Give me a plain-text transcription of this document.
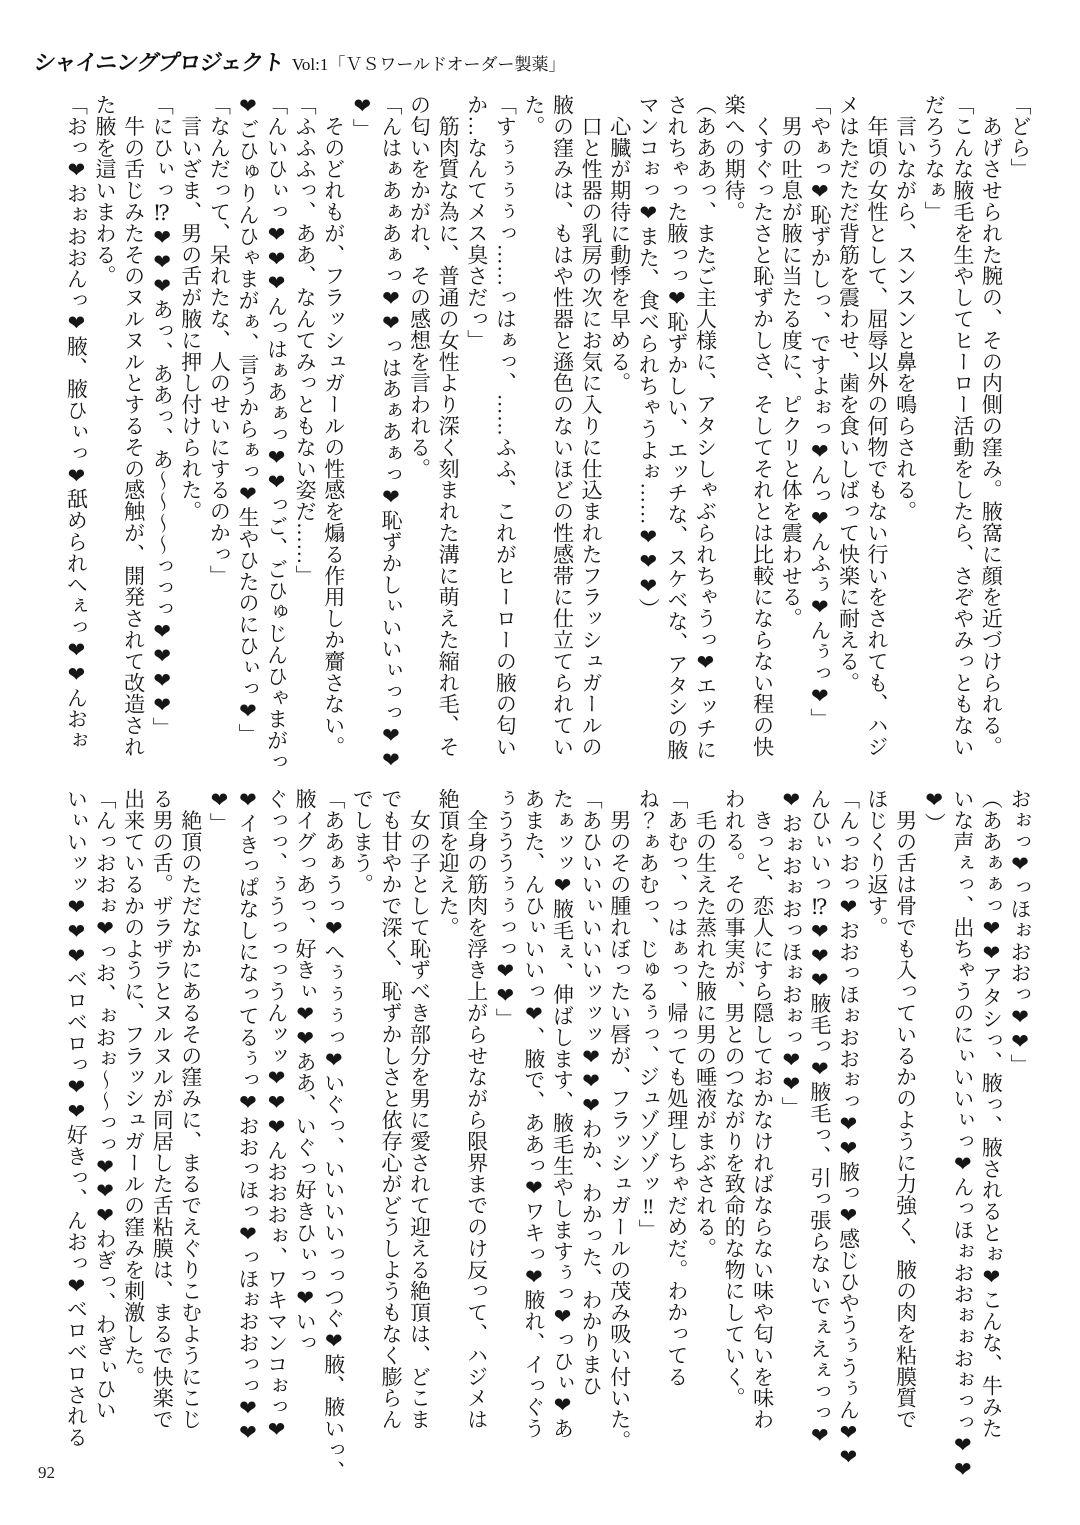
シャイニングプロジェクト Vol:1「ＶＳワールドオーダー製薬」

「どら」

　あげさせられた腕の、その内側の窪み。腋窩に顔を近づけられる。

「こんな腋毛を生やしてヒーロー活動をしたら、さぞやみっともない

だろうなぁ」

　言いながら、スンスンと鼻を鳴らされる。

　年頃の女性として、屈辱以外の何物でもない行いをされても、ハジ

メはただただ背筋を震わせ、歯を食いしばって快楽に耐える。

「やぁっ❤恥ずかしっ、ですよぉっ❤んっ❤んふぅ❤んぅっ❤」

　男の吐息が腋に当たる度に、ピクリと体を震わせる。

　くすぐったさと恥ずかしさ、そしてそれとは比較にならない程の快

楽への期待。

（あああっ、またご主人様に、アタシしゃぶられちゃうっ❤エッチに

されちゃった腋っっ❤恥ずかしい、エッチな、スケベな、アタシの腋

マンコぉっ❤また、食べられちゃうよぉ……❤❤❤）

　心臓が期待に動悸を早める。

　口と性器の乳房の次にお気に入りに仕込まれたフラッシュガールの

腋の窪みは、もはや性器と遜色のないほどの性感帯に仕立てられてい

た。

「すぅぅぅぅっ……っはぁっ、……ふふ、これがヒーローの腋の匂い

か…なんてメス臭さだっ」

　筋肉質な為に、普通の女性より深く刻まれた溝に萌えた縮れ毛、そ

の匂いをかがれ、その感想を言われる。

「んはぁあぁあぁっ❤❤っはあぁあぁっ❤恥ずかしぃいいぃっっ❤❤

❤」

　そのどれもが、フラッシュガールの性感を煽る作用しか齎さない。

「ふふふっ、ああ、なんてみっともない姿だ……」

「んいひぃっ❤❤❤んっはぁあぁっ❤❤っご、ごひゅじんひゃまがっ

❤ごひゅりんひゃまがぁ、言うからぁっ❤生やひたのにひぃっ❤」

「なんだって、呆れたな、人のせいにするのかっ」

　言いざま、男の舌が腋に押し付けられた。

「にひぃっ⁉❤❤❤あっ、ああっ、あ〜〜〜〜っっっ❤❤❤❤」

　牛の舌じみたそのヌルヌルとするその感触が、開発されて改造され

た腋を這いまわる。

「おっ❤おぉおおんっ❤腋、腋ひぃっ❤舐められへぇっ❤❤んおぉ

おぉっ❤っほぉおおっ❤❤」

（ああぁぁっ❤❤アタシっ、腋っ、腋されるとぉ❤こんな、牛みた

いな声ぇっ、出ちゃうのにぃいいぃっ❤んっほぉおおぉぉおぉっっ❤❤

❤）

　男の舌は骨でも入っているかのように力強く、腋の肉を粘膜質で

ほじくり返す。

「んっおっ❤おおっほぉおおぉっ❤❤腋っ❤感じひやうぅうぅん❤❤

んひぃいっ⁉❤❤❤腋毛っ❤腋毛っ、引っ張らないでぇえぇっっ❤

❤おぉおぉおっほぉおぉっ❤❤」

　きっと、恋人にすら隠しておかなければならない味や匂いを味わ

われる。その事実が、男とのつながりを致命的な物にしていく。

　毛の生えた蒸れた腋に男の唾液がまぶされる。

「あむっ、っはぁっ、帰っても処理しちゃだめだ。わかってる

ね？ぁあむっ、じゅるぅっ、ジュゾゾゾッ‼」

　男のその腫れぼったい唇が、フラッシュガールの茂み吸い付いた。

「あひいいぃいいいッッッ❤❤❤わか、わかった、わかりまひ

たぁッッ❤腋毛ぇ、伸ばします、腋毛生やしますぅっ❤っひぃ❤あ

あまた、んひぃいいっ❤、腋で、ああっ❤ワキっ❤腋れ、イっぐう

ぅうううぅぅっっ❤❤」

　全身の筋肉を浮き上がらせながら限界までのけ反って、ハジメは

絶頂を迎えた。

　女の子として恥ずべき部分を男に愛されて迎える絶頂は、どこま

でも甘やかで深く、恥ずかしさと依存心がどうしようもなく膨らん

でしまう。

「ああぁうっ❤へぅぅぅっ❤いぐっ、いいいいっっつぐ❤腋、腋いっ、

腋イグっあっ、好きぃ❤❤ああ、いぐっ好きひぃっ❤いっ

ぐっっ、ぅうっっっうんッッ❤❤❤んおおおぉ、ワキマンコぉっ❤

❤イきっぱなしになってるぅっ❤おおっほっ❤っほぉおおっっ❤❤

❤」

　絶頂のただなかにあるその窪みに、まるでえぐりこむようにこじ

る男の舌。ザラザラとヌルヌルが同居した舌粘膜は、まるで快楽で

出来ているかのように、フラッシュガールの窪みを刺激した。

「んっおおぉ❤っお、ぉおぉ〜〜っっ❤❤❤わぎっ、わぎぃひい

いぃいッッ❤❤❤ベロベロっ❤❤好きっ、んおっ❤ベロベロされる

92
